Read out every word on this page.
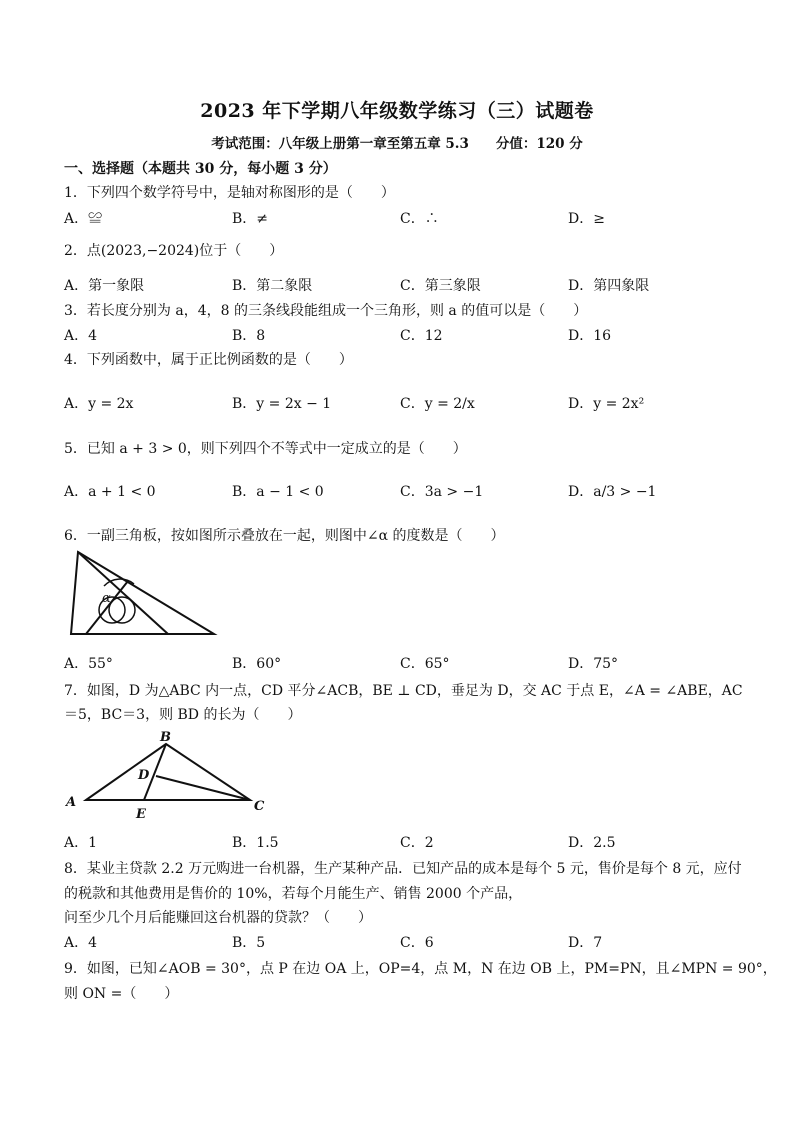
2023 年下学期八年级数学练习（三）试题卷
考试范围：八年级上册第一章至第五章 5.3　　分值：120 分
一、选择题（本题共 30 分，每小题 3 分）
1．下列四个数学符号中，是轴对称图形的是（　　）
A．≌	B．≠	C．∴	D．≥
2．点(2023,−2024)位于（　　）
A．第一象限	B．第二象限	C．第三象限	D．第四象限
3．若长度分别为 a，4，8 的三条线段能组成一个三角形，则 a 的值可以是（　　）
A．4	B．8	C．12	D．16
4．下列函数中，属于正比例函数的是（　　）
A．y = 2x	B．y = 2x − 1	C．y = 2/x	D．y = 2x²
5．已知 a + 3 > 0，则下列四个不等式中一定成立的是（　　）
A．a + 1 < 0	B．a − 1 < 0	C．3a > −1	D．a/3 > −1
6．一副三角板，按如图所示叠放在一起，则图中∠α 的度数是（　　）
α
A．55°	B．60°	C．65°	D．75°
7．如图，D 为△ABC 内一点，CD 平分∠ACB，BE ⊥ CD，垂足为 D，交 AC 于点 E，∠A = ∠ABE，AC
＝5，BC＝3，则 BD 的长为（　　）
A
B
C
D
E
A．1	B．1.5	C．2	D．2.5
8．某业主贷款 2.2 万元购进一台机器，生产某种产品．已知产品的成本是每个 5 元，售价是每个 8 元，应付
的税款和其他费用是售价的 10%，若每个月能生产、销售 2000 个产品，
问至少几个月后能赚回这台机器的贷款？（　　）
A．4	B．5	C．6	D．7
9．如图，已知∠AOB = 30°，点 P 在边 OA 上，OP=4，点 M，N 在边 OB 上，PM=PN，且∠MPN = 90°，
则 ON =（　　）
